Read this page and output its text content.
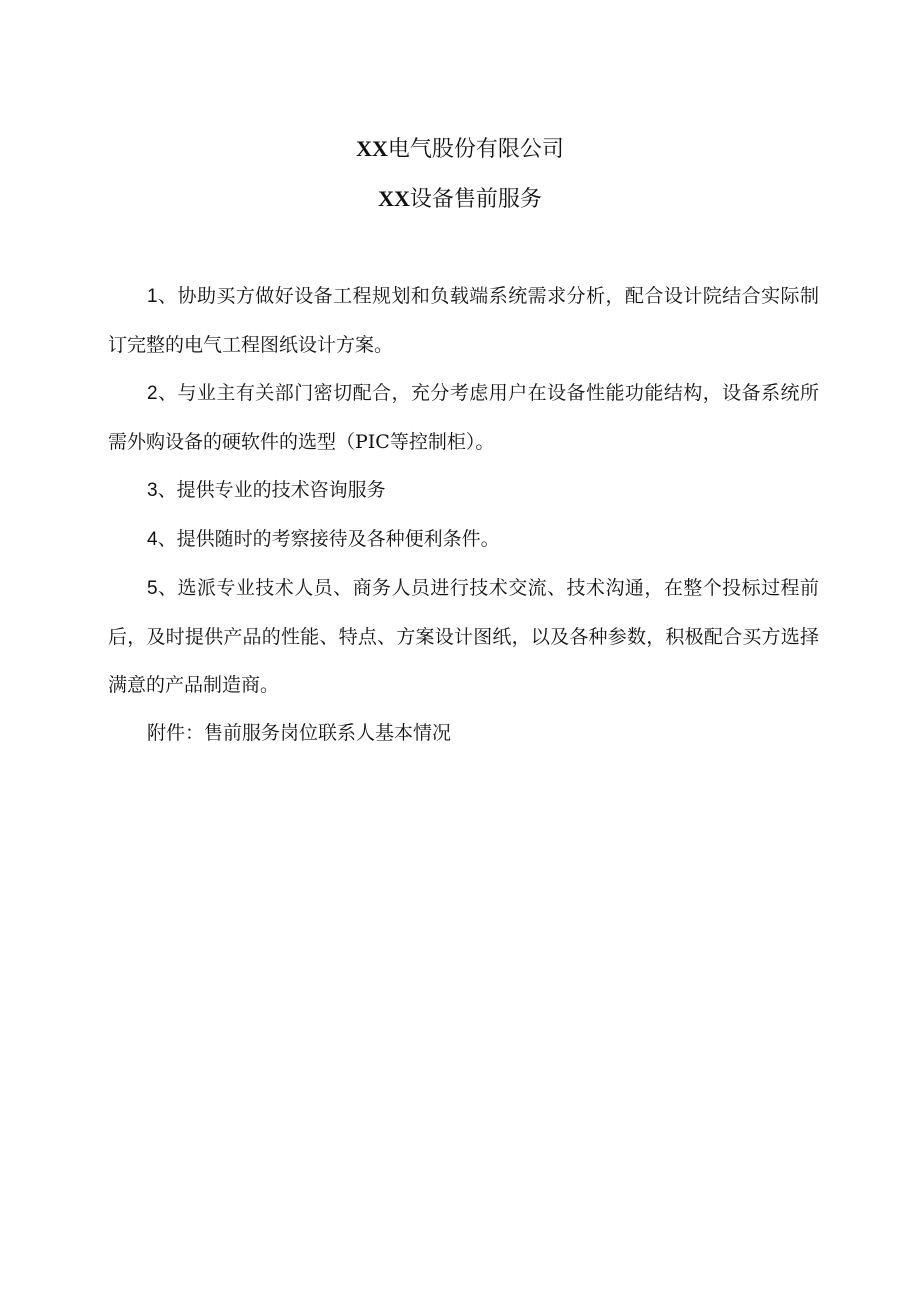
XX电气股份有限公司
XX设备售前服务

1、协助买方做好设备工程规划和负载端系统需求分析，配合设计院结合实际制订完整的电气工程图纸设计方案。

2、与业主有关部门密切配合，充分考虑用户在设备性能功能结构，设备系统所需外购设备的硬软件的选型（PIC等控制柜）。

3、提供专业的技术咨询服务

4、提供随时的考察接待及各种便利条件。

5、选派专业技术人员、商务人员进行技术交流、技术沟通，在整个投标过程前后，及时提供产品的性能、特点、方案设计图纸，以及各种参数，积极配合买方选择满意的产品制造商。

附件：售前服务岗位联系人基本情况
